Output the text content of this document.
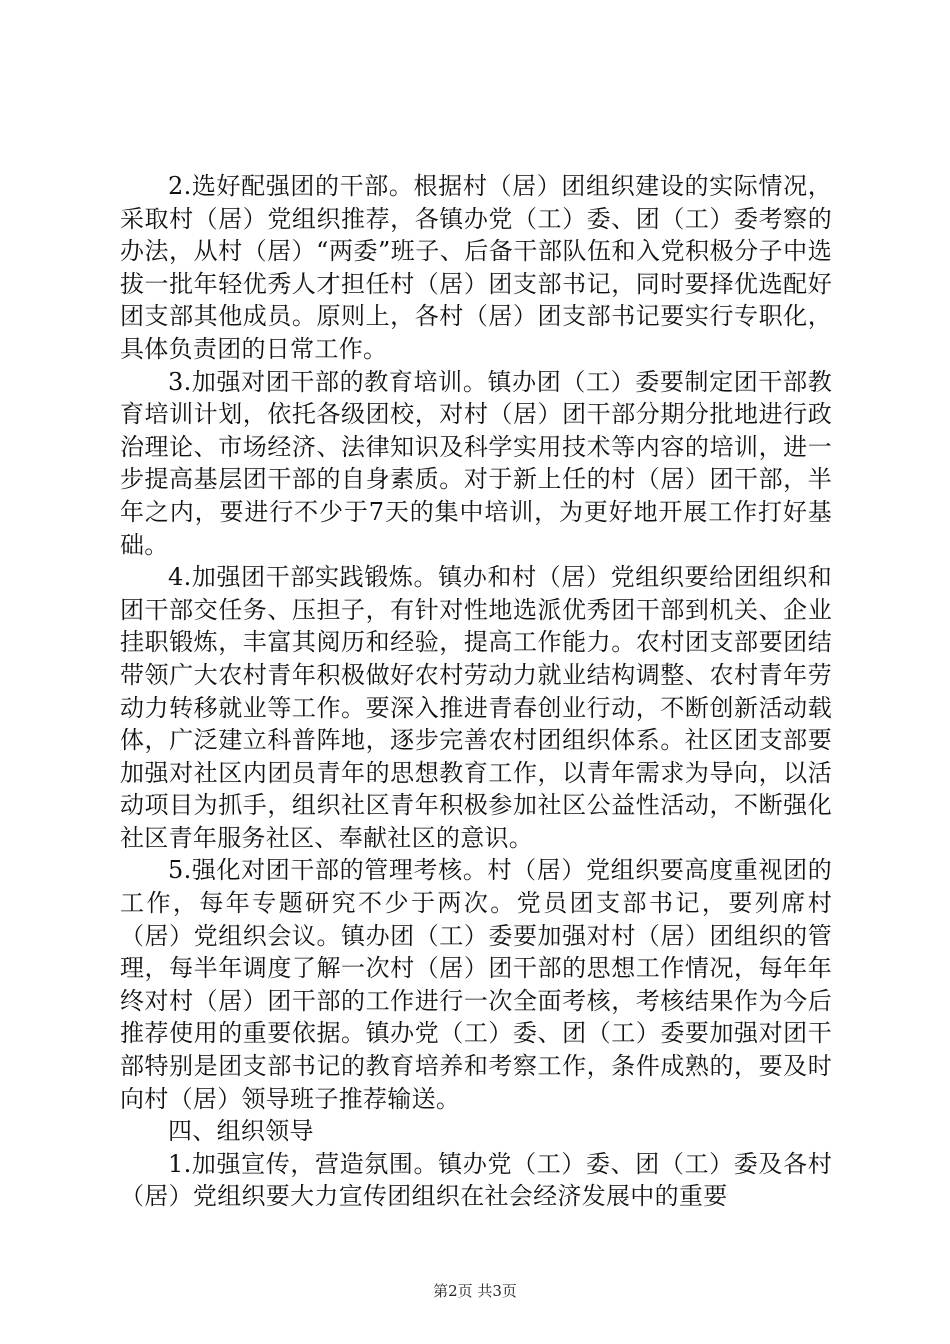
2.选好配强团的干部。根据村（居）团组织建设的实际情况，采取村（居）党组织推荐，各镇办党（工）委、团（工）委考察的办法，从村（居）“两委”班子、后备干部队伍和入党积极分子中选拔一批年轻优秀人才担任村（居）团支部书记，同时要择优选配好团支部其他成员。原则上，各村（居）团支部书记要实行专职化，具体负责团的日常工作。

3.加强对团干部的教育培训。镇办团（工）委要制定团干部教育培训计划，依托各级团校，对村（居）团干部分期分批地进行政治理论、市场经济、法律知识及科学实用技术等内容的培训，进一步提高基层团干部的自身素质。对于新上任的村（居）团干部，半年之内，要进行不少于7天的集中培训，为更好地开展工作打好基础。

4.加强团干部实践锻炼。镇办和村（居）党组织要给团组织和团干部交任务、压担子，有针对性地选派优秀团干部到机关、企业挂职锻炼，丰富其阅历和经验，提高工作能力。农村团支部要团结带领广大农村青年积极做好农村劳动力就业结构调整、农村青年劳动力转移就业等工作。要深入推进青春创业行动，不断创新活动载体，广泛建立科普阵地，逐步完善农村团组织体系。社区团支部要加强对社区内团员青年的思想教育工作，以青年需求为导向，以活动项目为抓手，组织社区青年积极参加社区公益性活动，不断强化社区青年服务社区、奉献社区的意识。

5.强化对团干部的管理考核。村（居）党组织要高度重视团的工作，每年专题研究不少于两次。党员团支部书记，要列席村（居）党组织会议。镇办团（工）委要加强对村（居）团组织的管理，每半年调度了解一次村（居）团干部的思想工作情况，每年年终对村（居）团干部的工作进行一次全面考核，考核结果作为今后推荐使用的重要依据。镇办党（工）委、团（工）委要加强对团干部特别是团支部书记的教育培养和考察工作，条件成熟的，要及时向村（居）领导班子推荐输送。

四、组织领导

1.加强宣传，营造氛围。镇办党（工）委、团（工）委及各村（居）党组织要大力宣传团组织在社会经济发展中的重要

第2页 共3页
